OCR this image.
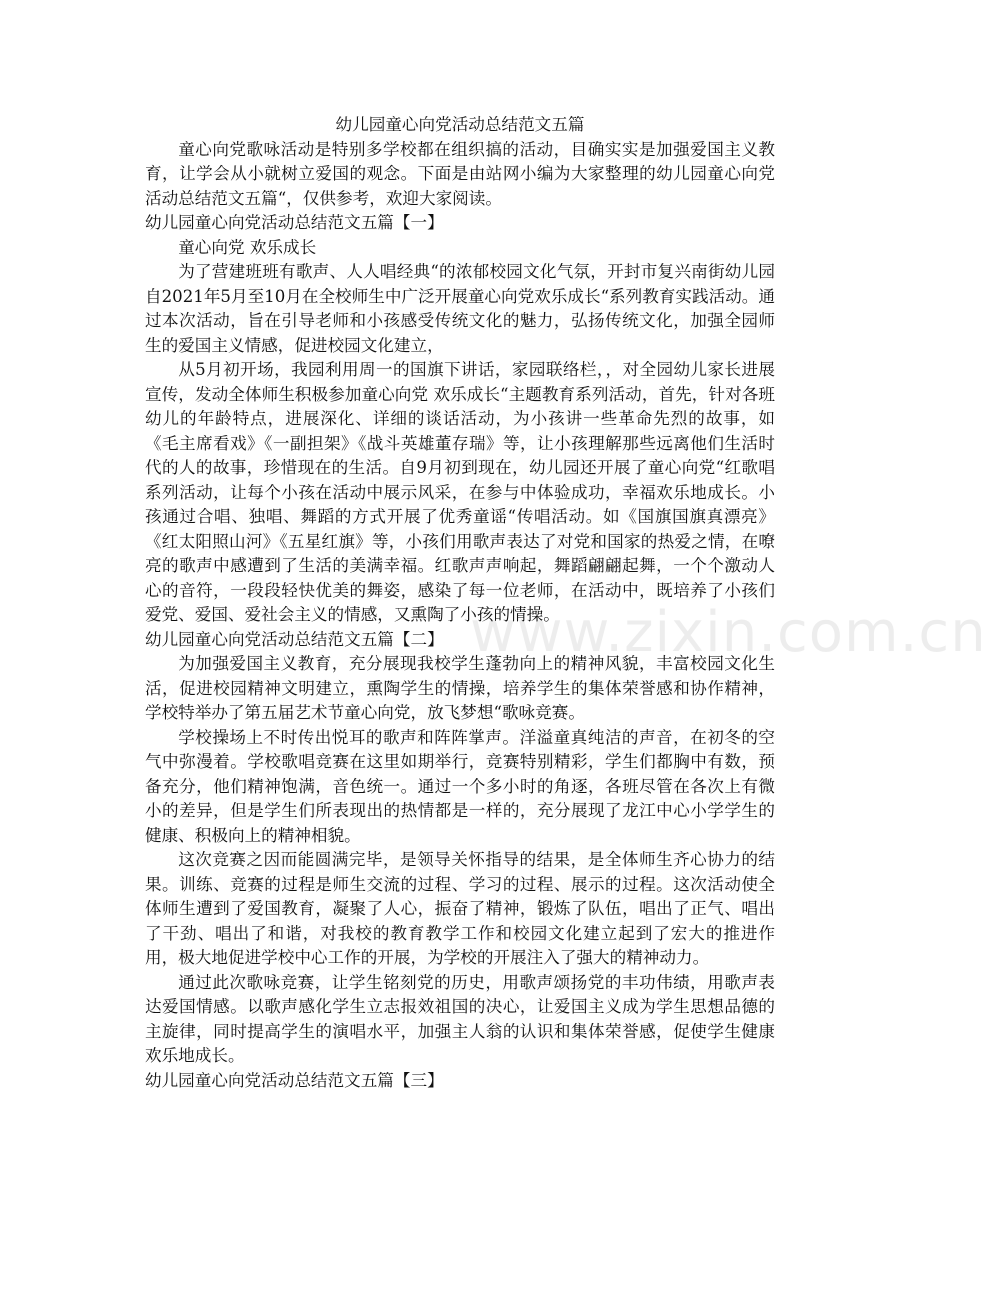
幼儿园童心向党活动总结范文五篇

童心向党歌咏活动是特别多学校都在组织搞的活动，目确实实是加强爱国主义教育，让学会从小就树立爱国的观念。下面是由站网小编为大家整理的幼儿园童心向党活动总结范文五篇“，仅供参考，欢迎大家阅读。

幼儿园童心向党活动总结范文五篇【一】

童心向党 欢乐成长

为了营建班班有歌声、人人唱经典“的浓郁校园文化气氛，开封市复兴南街幼儿园自2021年5月至10月在全校师生中广泛开展童心向党欢乐成长“系列教育实践活动。通过本次活动，旨在引导老师和小孩感受传统文化的魅力，弘扬传统文化，加强全园师生的爱国主义情感，促进校园文化建立，

从5月初开场，我园利用周一的国旗下讲话，家园联络栏，，对全园幼儿家长进展宣传，发动全体师生积极参加童心向党 欢乐成长“主题教育系列活动，首先，针对各班幼儿的年龄特点，进展深化、详细的谈话活动，为小孩讲一些革命先烈的故事，如《毛主席看戏》《一副担架》《战斗英雄董存瑞》等，让小孩理解那些远离他们生活时代的人的故事，珍惜现在的生活。自9月初到现在，幼儿园还开展了童心向党“红歌唱系列活动，让每个小孩在活动中展示风采，在参与中体验成功，幸福欢乐地成长。小孩通过合唱、独唱、舞蹈的方式开展了优秀童谣“传唱活动。如《国旗国旗真漂亮》《红太阳照山河》《五星红旗》等，小孩们用歌声表达了对党和国家的热爱之情，在嘹亮的歌声中感遭到了生活的美满幸福。红歌声声响起，舞蹈翩翩起舞，一个个激动人心的音符，一段段轻快优美的舞姿，感染了每一位老师，在活动中，既培养了小孩们爱党、爱国、爱社会主义的情感，又熏陶了小孩的情操。

幼儿园童心向党活动总结范文五篇【二】

为加强爱国主义教育，充分展现我校学生蓬勃向上的精神风貌，丰富校园文化生活，促进校园精神文明建立，熏陶学生的情操，培养学生的集体荣誉感和协作精神，学校特举办了第五届艺术节童心向党，放飞梦想“歌咏竞赛。

学校操场上不时传出悦耳的歌声和阵阵掌声。洋溢童真纯洁的声音，在初冬的空气中弥漫着。学校歌唱竞赛在这里如期举行，竞赛特别精彩，学生们都胸中有数，预备充分，他们精神饱满，音色统一。通过一个多小时的角逐，各班尽管在各次上有微小的差异，但是学生们所表现出的热情都是一样的，充分展现了龙江中心小学学生的健康、积极向上的精神相貌。

这次竞赛之因而能圆满完毕，是领导关怀指导的结果，是全体师生齐心协力的结果。训练、竞赛的过程是师生交流的过程、学习的过程、展示的过程。这次活动使全体师生遭到了爱国教育，凝聚了人心，振奋了精神，锻炼了队伍，唱出了正气、唱出了干劲、唱出了和谐，对我校的教育教学工作和校园文化建立起到了宏大的推进作用，极大地促进学校中心工作的开展，为学校的开展注入了强大的精神动力。

通过此次歌咏竞赛，让学生铭刻党的历史，用歌声颂扬党的丰功伟绩，用歌声表达爱国情感。以歌声感化学生立志报效祖国的决心，让爱国主义成为学生思想品德的主旋律，同时提高学生的演唱水平，加强主人翁的认识和集体荣誉感，促使学生健康欢乐地成长。

幼儿园童心向党活动总结范文五篇【三】

www.zixin.com.cn
